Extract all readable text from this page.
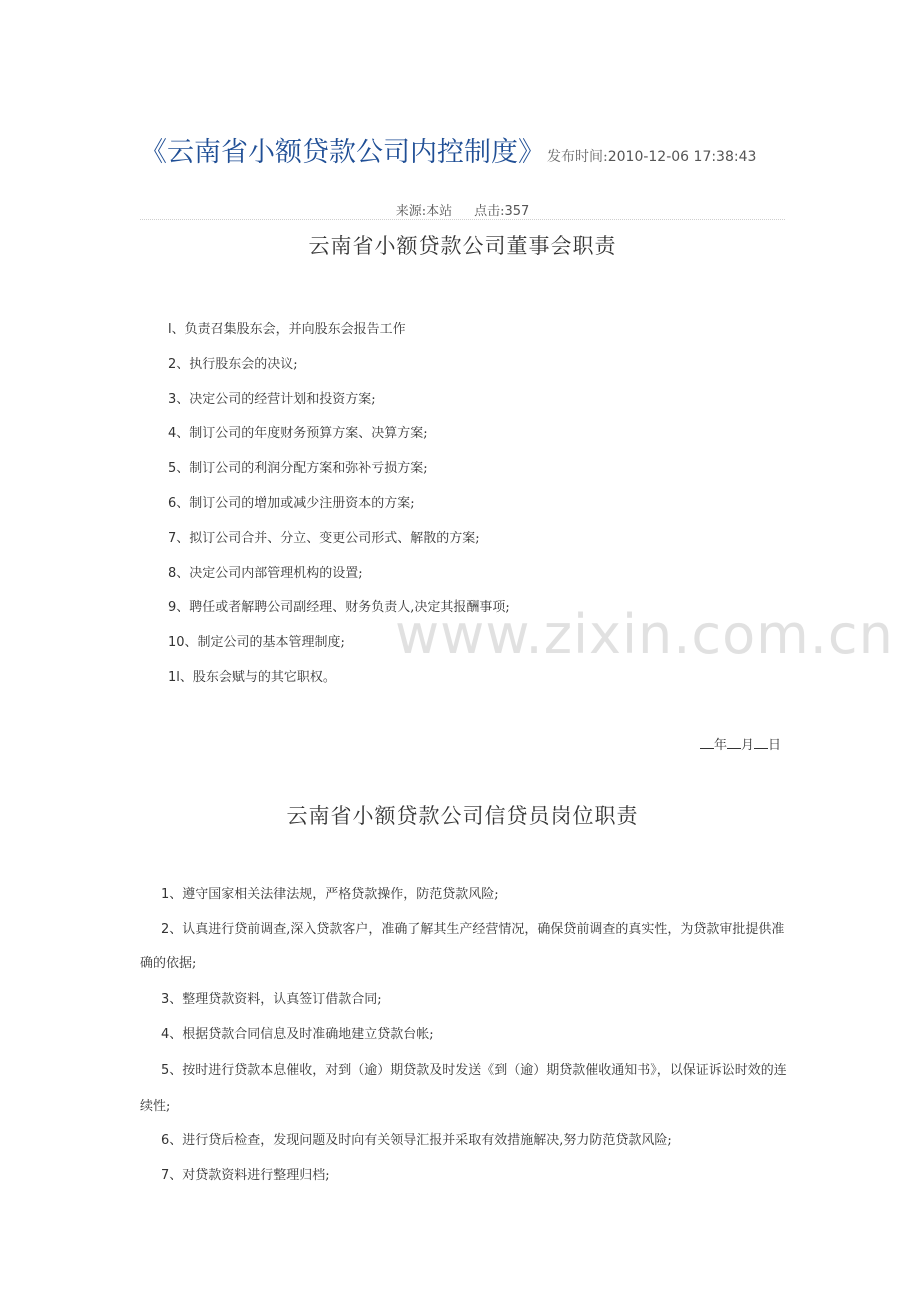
《云南省小额贷款公司内控制度》 发布时间:2010-12-06 17:38:43
来源:本站 点击:357
云南省小额贷款公司董事会职责
l、负责召集股东会，并向股东会报告工作
2、执行股东会的决议;
3、决定公司的经营计划和投资方案;
4、制订公司的年度财务预算方案、决算方案;
5、制订公司的利润分配方案和弥补亏损方案;
6、制订公司的增加或减少注册资本的方案;
7、拟订公司合并、分立、变更公司形式、解散的方案;
8、决定公司内部管理机构的设置;
9、聘任或者解聘公司副经理、财务负责人,决定其报酬事项;
10、制定公司的基本管理制度;
1l、股东会赋与的其它职权。
年 月 日
云南省小额贷款公司信贷员岗位职责
1、遵守国家相关法律法规，严格贷款操作，防范贷款风险;
2、认真进行贷前调查,深入贷款客户，准确了解其生产经营情况，确保贷前调查的真实性，为贷款审批提供准确的依据;
3、整理贷款资料，认真签订借款合同;
4、根据贷款合同信息及时准确地建立贷款台帐;
5、按时进行贷款本息催收，对到（逾）期贷款及时发送《到（逾）期贷款催收通知书》，以保证诉讼时效的连续性;
6、进行贷后检查，发现问题及时向有关领导汇报并采取有效措施解决,努力防范贷款风险;
7、对贷款资料进行整理归档;
www.zixin.com.cn
